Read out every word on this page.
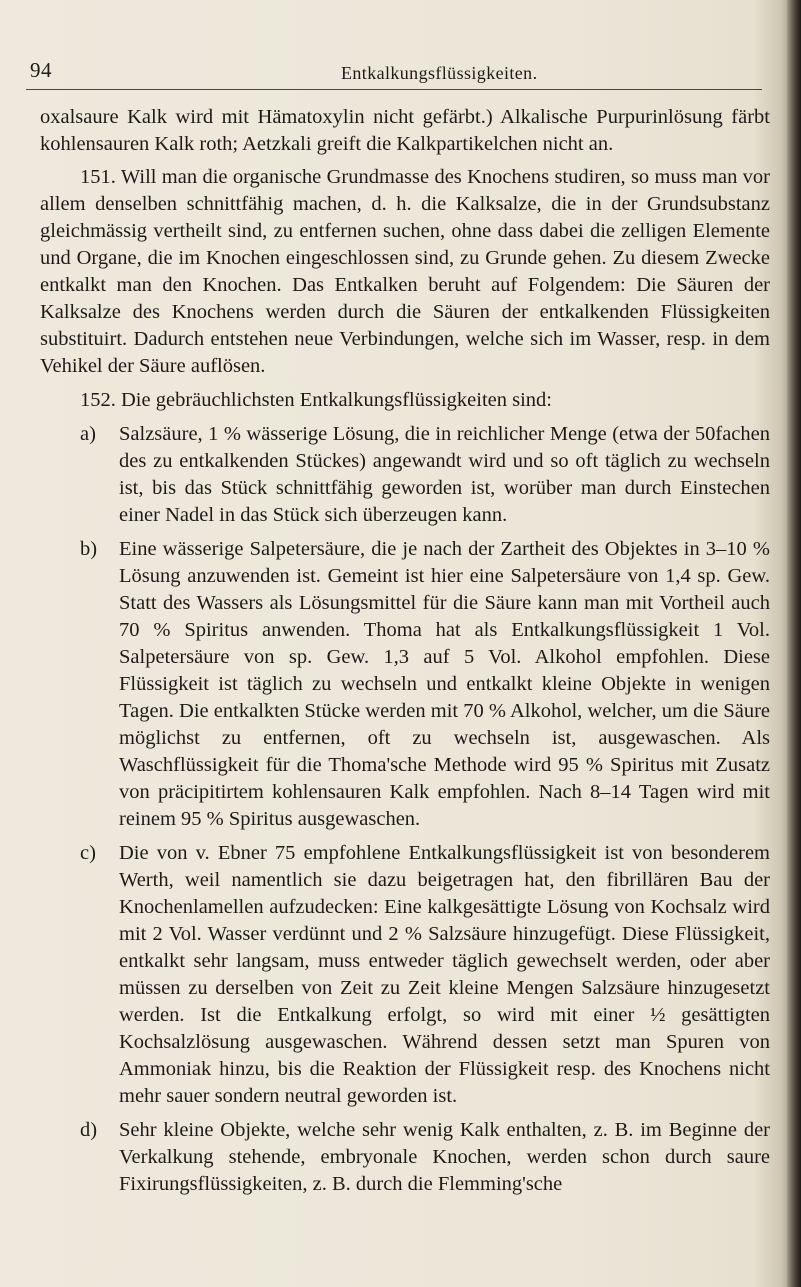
94	Entkalkungsflüssigkeiten.

oxalsaure Kalk wird mit Hämatoxylin nicht gefärbt.) Alkalische Purpurinlösung färbt kohlensauren Kalk roth; Aetzkali greift die Kalkpartikelchen nicht an.

151. Will man die organische Grundmasse des Knochens studiren, so muss man vor allem denselben schnittfähig machen, d. h. die Kalksalze, die in der Grundsubstanz gleichmässig vertheilt sind, zu entfernen suchen, ohne dass dabei die zelligen Elemente und Organe, die im Knochen eingeschlossen sind, zu Grunde gehen. Zu diesem Zwecke entkalkt man den Knochen. Das Entkalken beruht auf Folgendem: Die Säuren der Kalksalze des Knochens werden durch die Säuren der entkalkenden Flüssigkeiten substituirt. Dadurch entstehen neue Verbindungen, welche sich im Wasser, resp. in dem Vehikel der Säure auflösen.

152. Die gebräuchlichsten Entkalkungsflüssigkeiten sind:

a) Salzsäure, 1 % wässerige Lösung, die in reichlicher Menge (etwa der 50fachen des zu entkalkenden Stückes) angewandt wird und so oft täglich zu wechseln ist, bis das Stück schnittfähig geworden ist, worüber man durch Einstechen einer Nadel in das Stück sich überzeugen kann.
b) Eine wässerige Salpetersäure, die je nach der Zartheit des Objektes in 3–10 % Lösung anzuwenden ist. Gemeint ist hier eine Salpetersäure von 1,4 sp. Gew. Statt des Wassers als Lösungsmittel für die Säure kann man mit Vortheil auch 70 % Spiritus anwenden. Thoma hat als Entkalkungsflüssigkeit 1 Vol. Salpetersäure von sp. Gew. 1,3 auf 5 Vol. Alkohol empfohlen. Diese Flüssigkeit ist täglich zu wechseln und entkalkt kleine Objekte in wenigen Tagen. Die entkalkten Stücke werden mit 70 % Alkohol, welcher, um die Säure möglichst zu entfernen, oft zu wechseln ist, ausgewaschen. Als Waschflüssigkeit für die Thoma'sche Methode wird 95 % Spiritus mit Zusatz von präcipitirtem kohlensauren Kalk empfohlen. Nach 8–14 Tagen wird mit reinem 95 % Spiritus ausgewaschen.
c) Die von v. Ebner 75 empfohlene Entkalkungsflüssigkeit ist von besonderem Werth, weil namentlich sie dazu beigetragen hat, den fibrillären Bau der Knochenlamellen aufzudecken: Eine kalkgesättigte Lösung von Kochsalz wird mit 2 Vol. Wasser verdünnt und 2 % Salzsäure hinzugefügt. Diese Flüssigkeit, entkalkt sehr langsam, muss entweder täglich gewechselt werden, oder aber müssen zu derselben von Zeit zu Zeit kleine Mengen Salzsäure hinzugesetzt werden. Ist die Entkalkung erfolgt, so wird mit einer ½ gesättigten Kochsalzlösung ausgewaschen. Während dessen setzt man Spuren von Ammoniak hinzu, bis die Reaktion der Flüssigkeit resp. des Knochens nicht mehr sauer sondern neutral geworden ist.
d) Sehr kleine Objekte, welche sehr wenig Kalk enthalten, z. B. im Beginne der Verkalkung stehende, embryonale Knochen, werden schon durch saure Fixirungsflüssigkeiten, z. B. durch die Flemming'sche
